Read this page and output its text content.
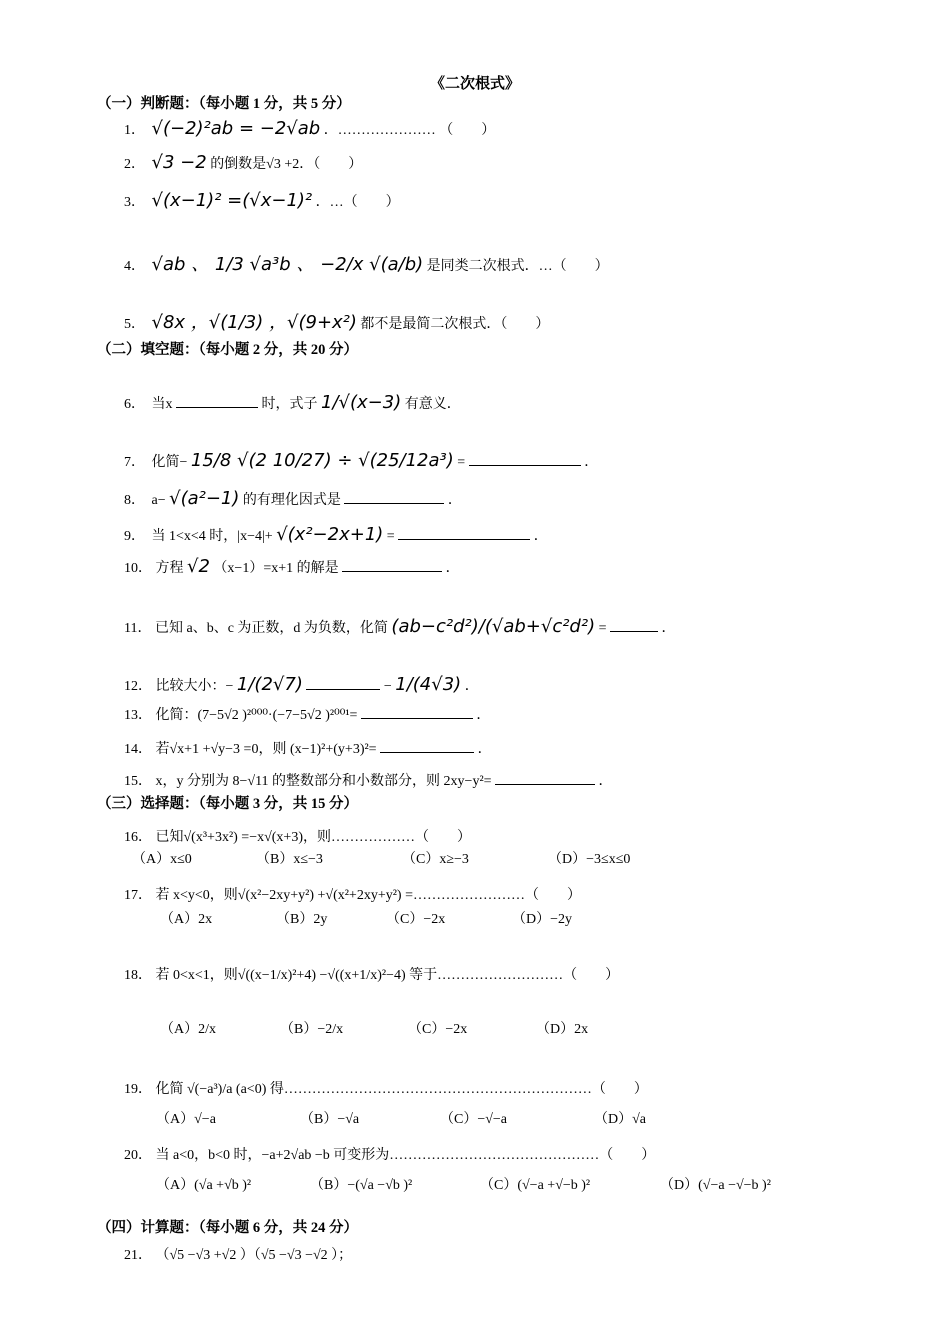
《二次根式》
（一）判断题：（每小题 1 分，共 5 分）
1． √(−2)²ab = −2√ab ．………………… （　　）
2． √3 −2 的倒数是√3 +2．（　　）
3． √(x−1)² =(√x−1)² ．…（　　）
4． √ab 、 1/3 √a³b 、 −2/x √(a/b) 是同类二次根式．…（　　）
5． √8x ，√(1/3) ，√(9+x²) 都不是最简二次根式．（　　）
（二）填空题：（每小题 2 分，共 20 分）
6． 当x	时，式子 1/√(x−3) 有意义．
7． 化简− 15/8 √(2 10/27) ÷ √(25/12a³) =	．
8． a− √(a²−1) 的有理化因式是	．
9． 当 1<x<4 时，|x−4|+ √(x²−2x+1) =	．
10． 方程 √2 （x−1）=x+1 的解是	．
11． 已知 a、b、c 为正数，d 为负数，化简 (ab−c²d²)/(√ab+√c²d²) =	．
12． 比较大小：− 1/(2√7)	− 1/(4√3) ．
13． 化简：(7−5√2 )²⁰⁰⁰·(−7−5√2 )²⁰⁰¹=	．
14． 若√x+1 +√y−3 =0，则 (x−1)²+(y+3)²=	．
15． x，y 分别为 8−√11 的整数部分和小数部分，则 2xy−y²=	．
（三）选择题：（每小题 3 分，共 15 分）
16． 已知√(x³+3x²) =−x√(x+3)，则………………（　　）
（A）x≤0	（B）x≤−3	（C）x≥−3	（D）−3≤x≤0
17． 若 x<y<0，则√(x²−2xy+y²) +√(x²+2xy+y²) =……………………（　　）
（A）2x	（B）2y	（C）−2x	（D）−2y
18． 若 0<x<1，则√((x−1/x)²+4) −√((x+1/x)²−4) 等于………………………（　　）
（A）2/x	（B）−2/x	（C）−2x	（D）2x
19． 化简 √(−a³)/a (a<0) 得…………………………………………………………（　　）
（A）√−a	（B）−√a	（C）−√−a	（D）√a
20． 当 a<0，b<0 时，−a+2√ab −b 可变形为………………………………………（　　）
（A）(√a +√b )²	（B）−(√a −√b )²	（C）(√−a +√−b )²	（D）(√−a −√−b )²
（四）计算题：（每小题 6 分，共 24 分）
21． （√5 −√3 +√2 ）（√5 −√3 −√2 ）；
